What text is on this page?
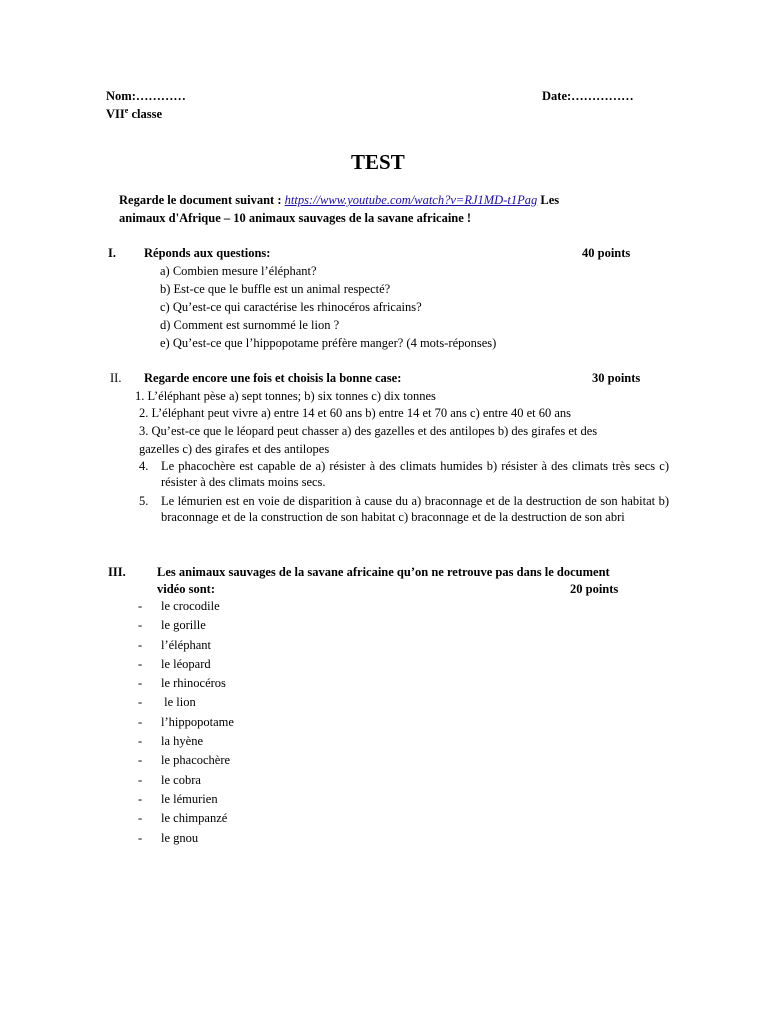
Nom:…………	Date:……………
VIIe classe
TEST
Regarde le document suivant : https://www.youtube.com/watch?v=RJ1MD-t1Pag Les
animaux d'Afrique – 10 animaux sauvages de la savane africaine !
I. Réponds aux questions:	40 points
a) Combien mesure l’éléphant?
b) Est-ce que le buffle est un animal respecté?
c) Qu’est-ce qui caractérise les rhinocéros africains?
d) Comment est surnommé le lion ?
e) Qu’est-ce que l’hippopotame préfère manger? (4 mots-réponses)
II. Regarde encore une fois et choisis la bonne case:	30 points
1. L’éléphant pèse a) sept tonnes; b) six tonnes c) dix tonnes
2. L’éléphant peut vivre a) entre 14 et 60 ans b) entre 14 et 70 ans c) entre 40 et 60 ans
3. Qu’est-ce que le léopard peut chasser a) des gazelles et des antilopes b) des girafes et des
gazelles c) des girafes et des antilopes
4. Le phacochère est capable de a) résister à des climats humides b) résister à des climats très secs c) résister à des climats moins secs.
5. Le lémurien est en voie de disparition à cause du a) braconnage et de la destruction de son habitat b) braconnage et de la construction de son habitat c) braconnage et de la destruction de son abri
III.	Les animaux sauvages de la savane africaine qu’on ne retrouve pas dans le document
vidéo sont:	20 points
- le crocodile
- le gorille
- l’éléphant
- le léopard
- le rhinocéros
- le lion
- l’hippopotame
- la hyène
- le phacochère
- le cobra
- le lémurien
- le chimpanzé
- le gnou
